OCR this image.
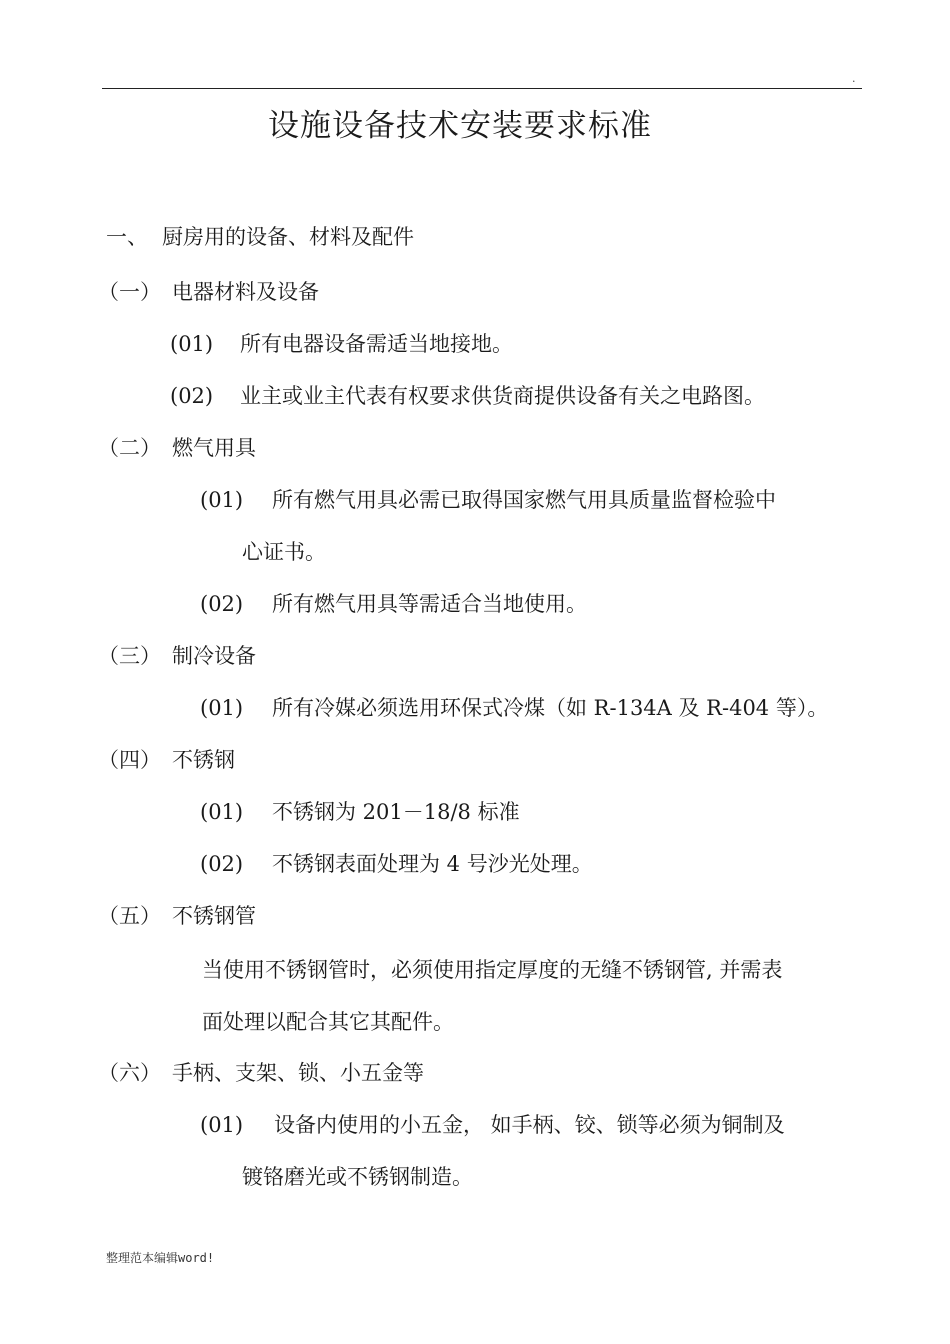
.
设施设备技术安装要求标准
一、 厨房用的设备、材料及配件
（一） 电器材料及设备
(01) 所有电器设备需适当地接地。
(02) 业主或业主代表有权要求供货商提供设备有关之电路图。
（二） 燃气用具
(01) 所有燃气用具必需已取得国家燃气用具质量监督检验中
心证书。
(02) 所有燃气用具等需适合当地使用。
（三） 制冷设备
(01) 所有冷媒必须选用环保式冷煤（如 R-134A 及 R-404 等）。
（四） 不锈钢
(01) 不锈钢为 201－18/8 标准
(02) 不锈钢表面处理为 4 号沙光处理。
（五） 不锈钢管
当使用不锈钢管时，必须使用指定厚度的无缝不锈钢管, 并需表
面处理以配合其它其配件。
（六） 手柄、支架、锁、小五金等
(01) 设备内使用的小五金， 如手柄、铰、锁等必须为铜制及
镀铬磨光或不锈钢制造。
整理范本编辑word!
